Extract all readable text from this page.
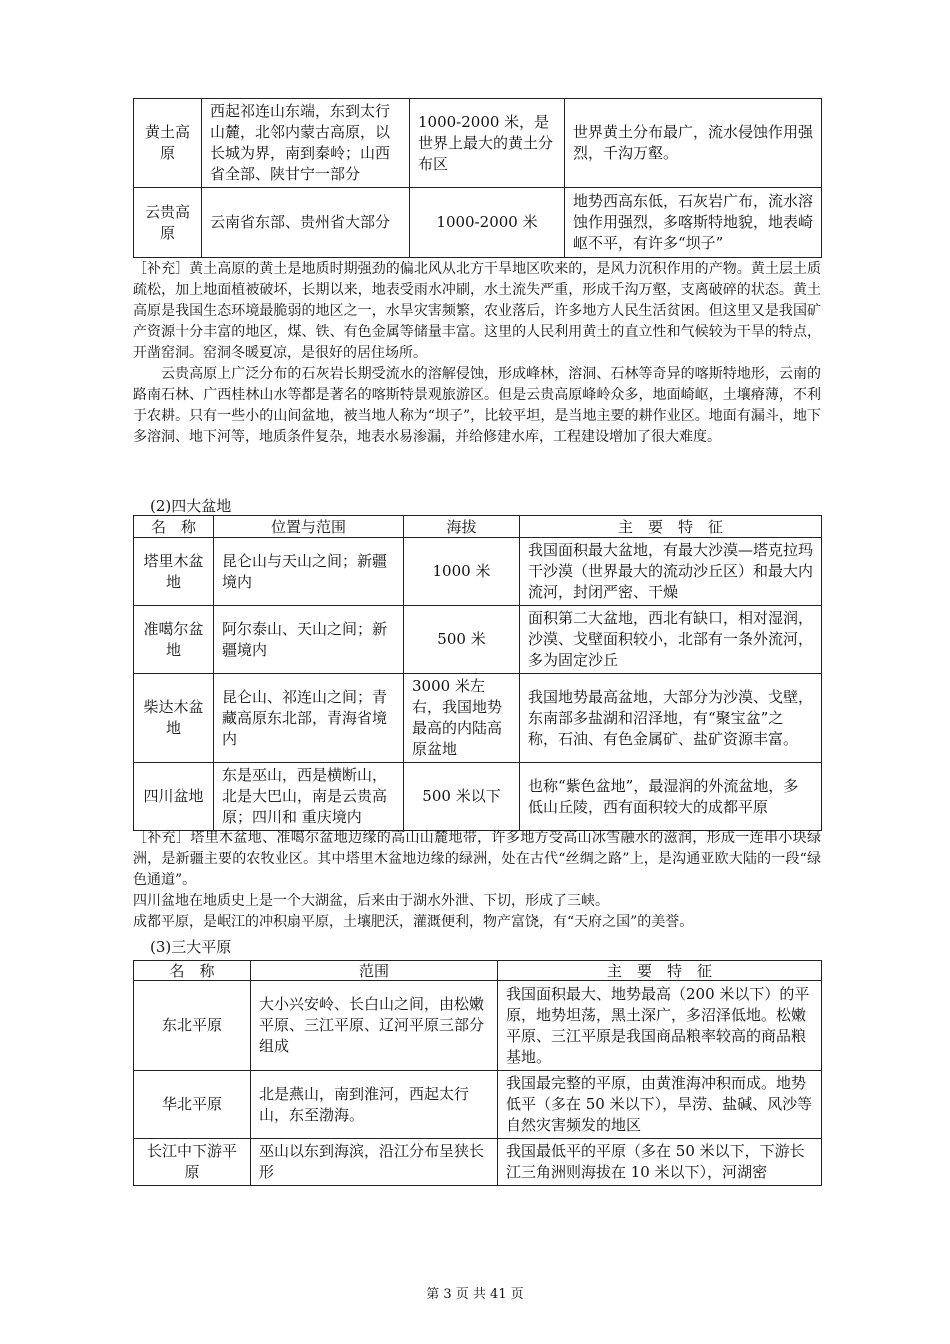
黄土高原	西起祁连山东端，东到太行山麓，北邻内蒙古高原，以长城为界，南到秦岭；山西省全部、陕甘宁一部分	1000-2000 米，是世界上最大的黄土分布区	世界黄土分布最广，流水侵蚀作用强烈，千沟万壑。
云贵高原	云南省东部、贵州省大部分	1000-2000 米	地势西高东低，石灰岩广布，流水溶蚀作用强烈，多喀斯特地貌，地表崎岖不平，有许多“坝子”

［补充］黄土高原的黄土是地质时期强劲的偏北风从北方干旱地区吹来的，是风力沉积作用的产物。黄土层土质疏松，加上地面植被破坏，长期以来，地表受雨水冲刷，水土流失严重，形成千沟万壑，支离破碎的状态。黄土高原是我国生态环境最脆弱的地区之一，水旱灾害频繁，农业落后，许多地方人民生活贫困。但这里又是我国矿产资源十分丰富的地区，煤、铁、有色金属等储量丰富。这里的人民利用黄土的直立性和气候较为干旱的特点，开凿窑洞。窑洞冬暖夏凉，是很好的居住场所。

云贵高原上广泛分布的石灰岩长期受流水的溶解侵蚀，形成峰林，溶洞、石林等奇异的喀斯特地形，云南的路南石林、广西桂林山水等都是著名的喀斯特景观旅游区。但是云贵高原峰岭众多，地面崎岖，土壤瘠薄，不利于农耕。只有一些小的山间盆地，被当地人称为“坝子”，比较平坦，是当地主要的耕作业区。地面有漏斗，地下多溶洞、地下河等，地质条件复杂，地表水易渗漏，并给修建水库，工程建设增加了很大难度。

(2)四大盆地
名　称	位置与范围	海拔	主　要　特　征
塔里木盆地	昆仑山与天山之间；新疆境内	1000 米	我国面积最大盆地，有最大沙漠—塔克拉玛干沙漠（世界最大的流动沙丘区）和最大内流河，封闭严密、干燥
准噶尔盆地	阿尔泰山、天山之间；新疆境内	500 米	面积第二大盆地，西北有缺口，相对湿润，沙漠、戈壁面积较小，北部有一条外流河，多为固定沙丘
柴达木盆地	昆仑山、祁连山之间；青藏高原东北部，青海省境内	3000 米左右，我国地势最高的内陆高原盆地	我国地势最高盆地，大部分为沙漠、戈壁，东南部多盐湖和沼泽地，有“聚宝盆”之称，石油、有色金属矿、盐矿资源丰富。
四川盆地	东是巫山，西是横断山，北是大巴山，南是云贵高原；四川和 重庆境内	500 米以下	也称“紫色盆地”，最湿润的外流盆地，多低山丘陵，西有面积较大的成都平原

［补充］塔里木盆地、准噶尔盆地边缘的高山山麓地带，许多地方受高山冰雪融水的滋润，形成一连串小块绿洲，是新疆主要的农牧业区。其中塔里木盆地边缘的绿洲，处在古代“丝绸之路”上，是沟通亚欧大陆的一段“绿色通道”。

四川盆地在地质史上是一个大湖盆，后来由于湖水外泄、下切，形成了三峡。

成都平原，是岷江的冲积扇平原，土壤肥沃，灌溉便利，物产富饶，有“天府之国”的美誉。

(3)三大平原
名　称	范围	主　要　特　征
东北平原	大小兴安岭、长白山之间，由松嫩平原、三江平原、辽河平原三部分组成	我国面积最大、地势最高（200 米以下）的平原，地势坦荡，黑土深广，多沼泽低地。松嫩平原、三江平原是我国商品粮率较高的商品粮基地。
华北平原	北是燕山，南到淮河，西起太行山，东至渤海。	我国最完整的平原，由黄淮海冲积而成。地势低平（多在 50 米以下），旱涝、盐碱、风沙等自然灾害频发的地区
长江中下游平原	巫山以东到海滨，沿江分布呈狭长形	我国最低平的平原（多在 50 米以下，下游长江三角洲则海拔在 10 米以下），河湖密
第 3 页 共 41 页
